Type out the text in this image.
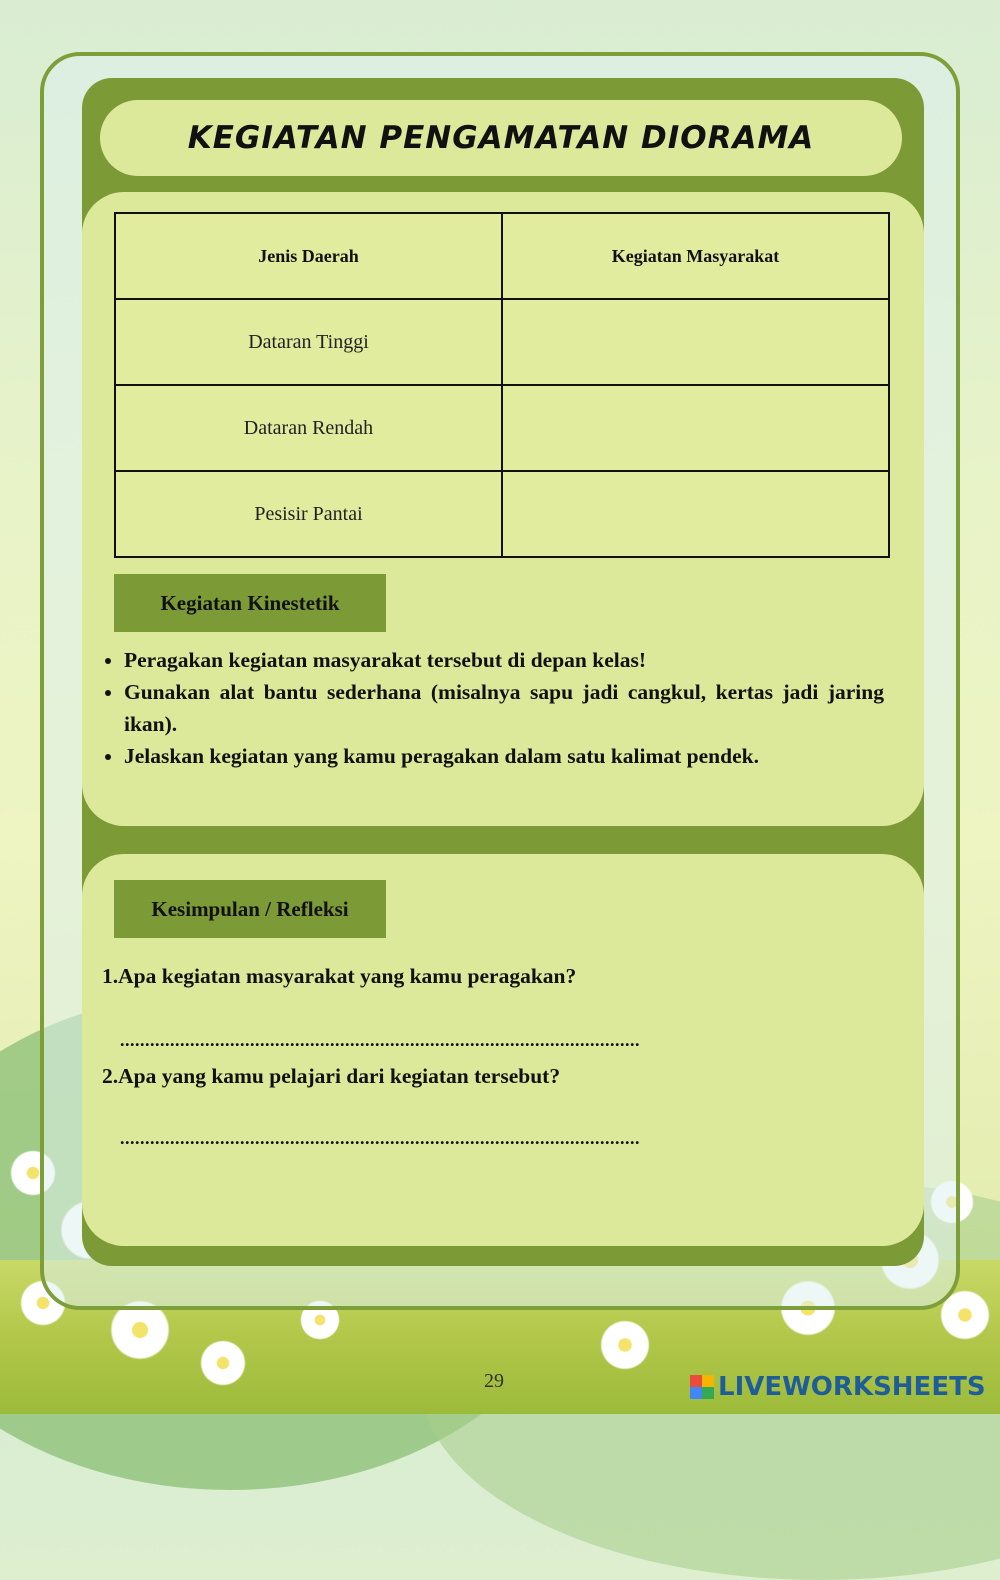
KEGIATAN PENGAMATAN DIORAMA
Jenis Daerah	Kegiatan Masyarakat
Dataran Tinggi	
Dataran Rendah	
Pesisir Pantai	
Kegiatan Kinestetik
• Peragakan kegiatan masyarakat tersebut di depan kelas!
• Gunakan alat bantu sederhana (misalnya sapu jadi cangkul, kertas jadi jaring ikan).
• Jelaskan kegiatan yang kamu peragakan dalam satu kalimat pendek.
Kesimpulan / Refleksi
1.Apa kegiatan masyarakat yang kamu peragakan?
........................................................................................................
2.Apa yang kamu pelajari dari kegiatan tersebut?
........................................................................................................
29	LIVEWORKSHEETS
